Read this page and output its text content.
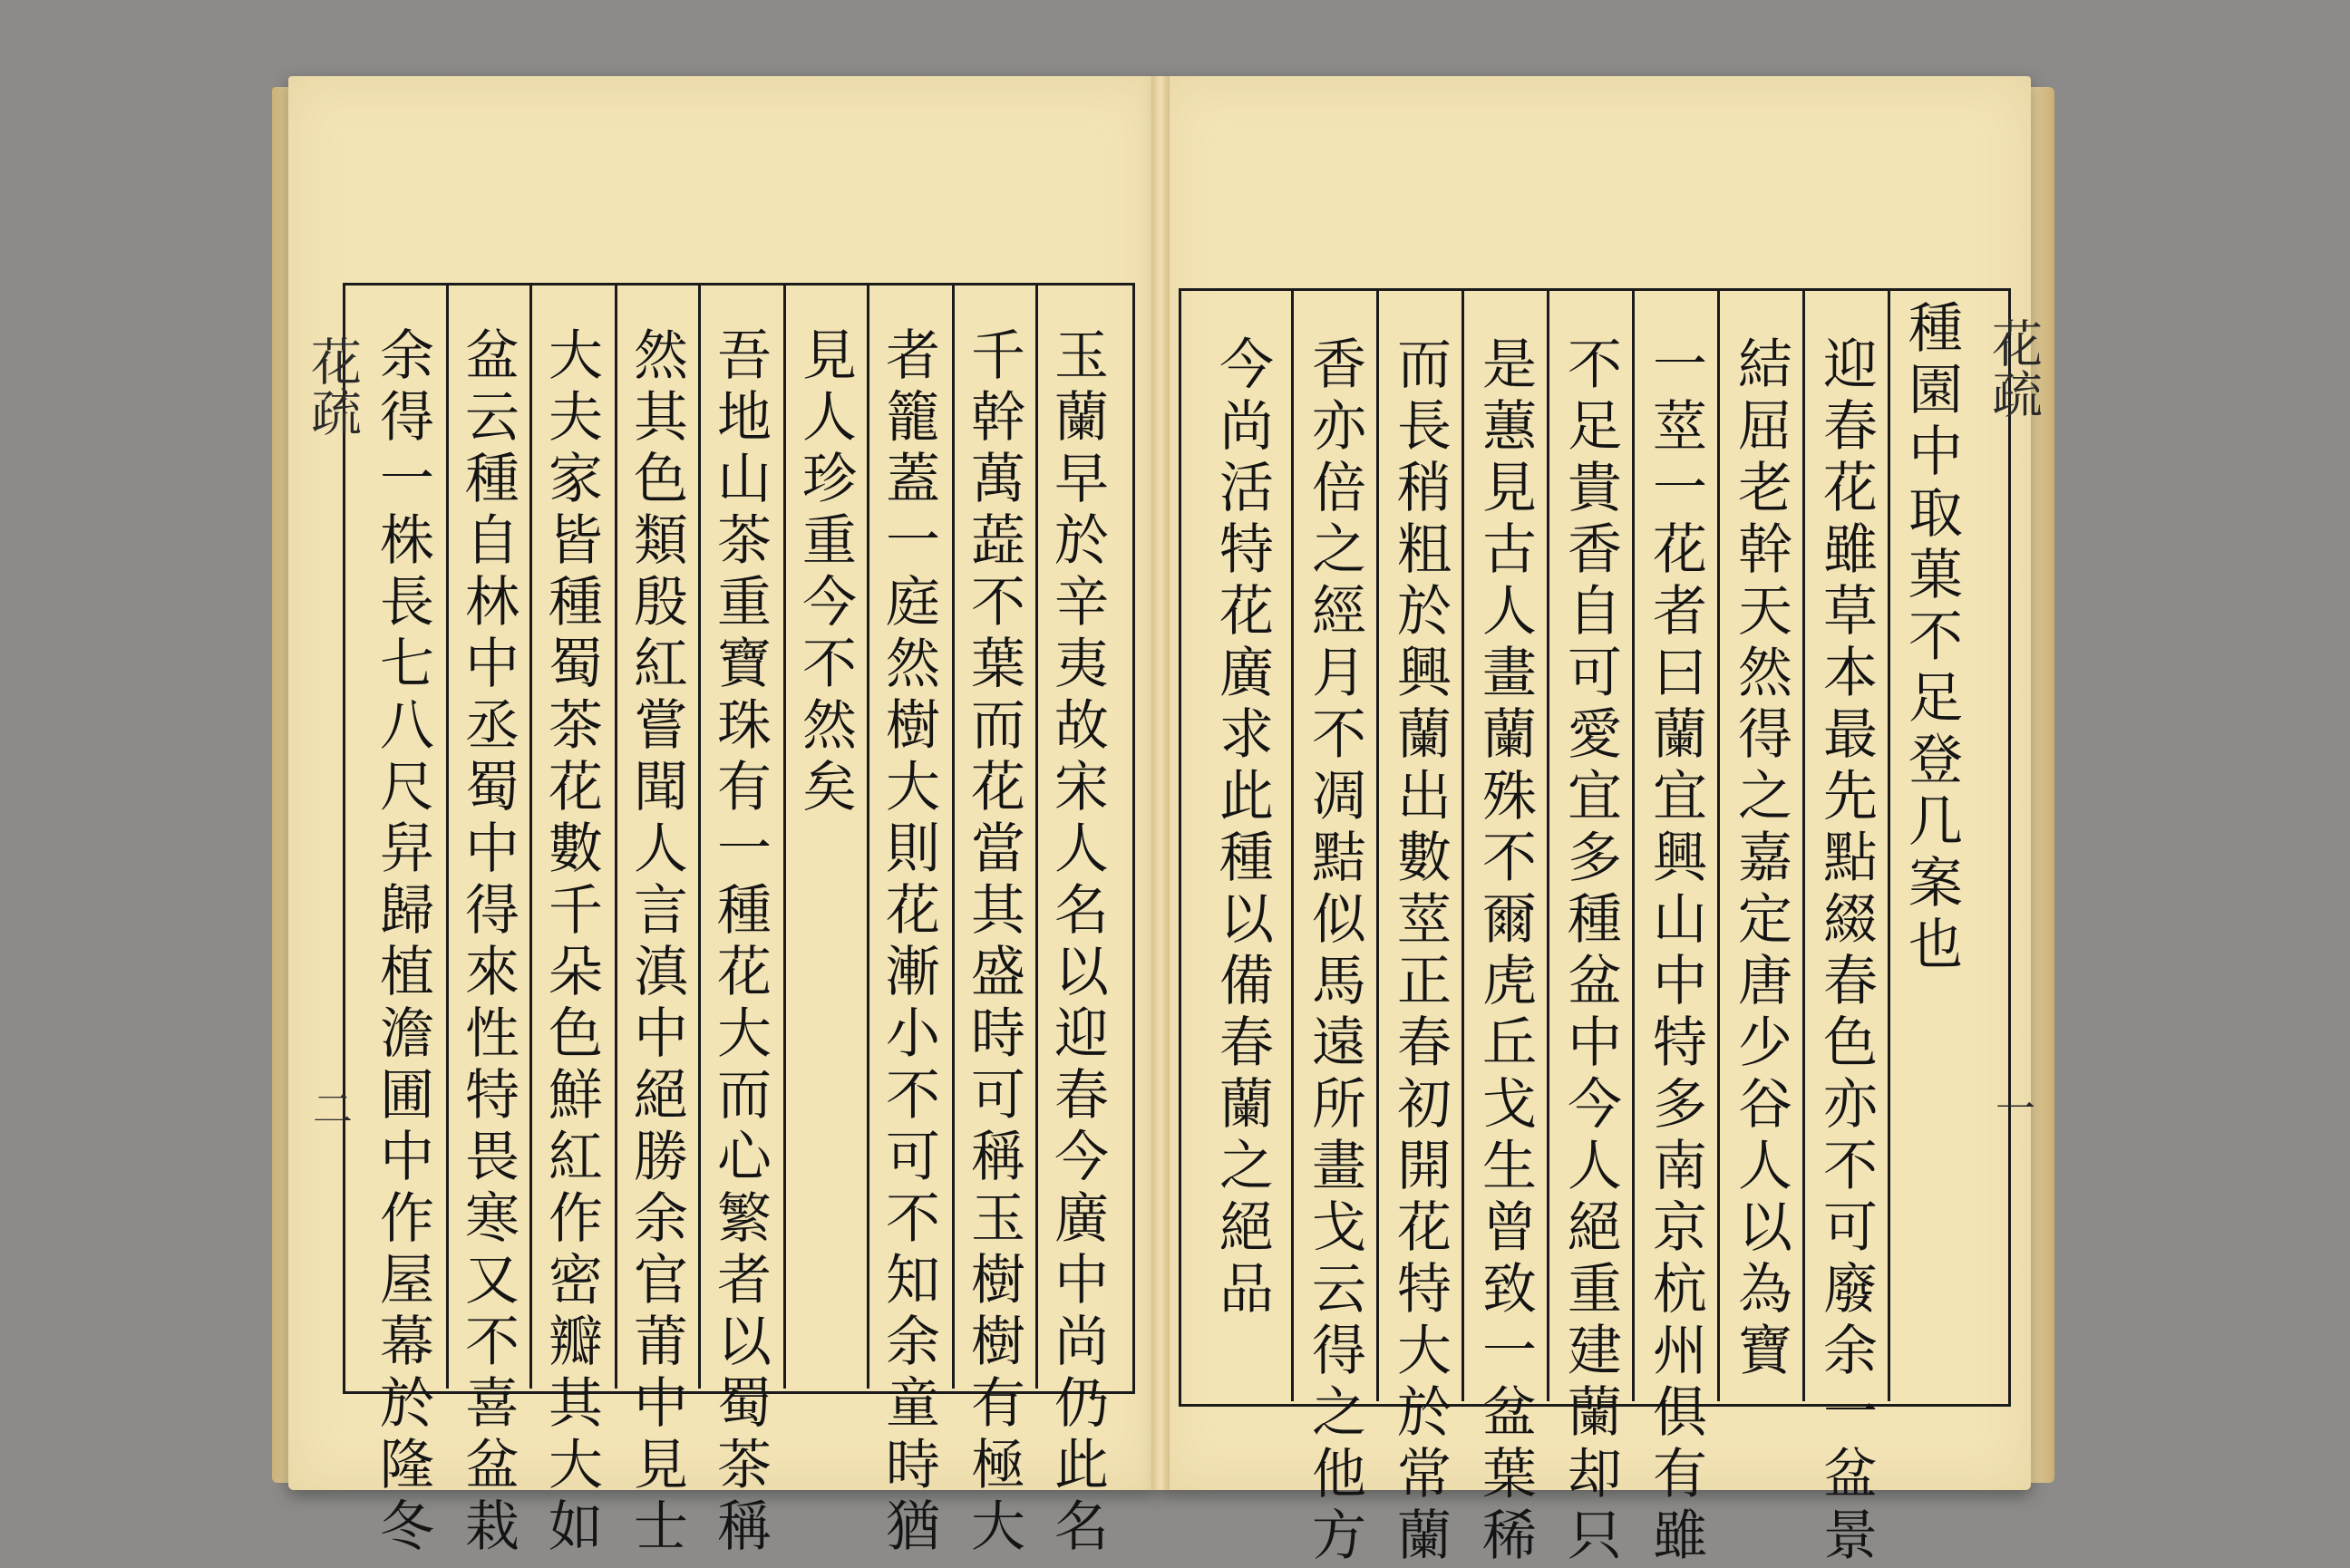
玉蘭早於辛夷故宋人名以迎春今廣中尚仍此名
千幹萬蕋不葉而花當其盛時可稱玉樹樹有極大
者籠蓋一庭然樹大則花漸小不可不知余童時猶
見人珍重今不然矣
吾地山茶重寶珠有一種花大而心繁者以蜀茶稱
然其色類殷紅嘗聞人言滇中絕勝余官莆中見士
大夫家皆種蜀茶花數千朵色鮮紅作密瓣其大如
盆云種自林中丞蜀中得來性特畏寒又不喜盆栽
余得一株長七八尺舁歸植澹圃中作屋幕於隆冬
花疏
二
種園中取菓不足登几案也
迎春花雖草本最先點綴春色亦不可廢余一盆景
結屈老幹天然得之嘉定唐少谷人以為寶
一莖一花者曰蘭宜興山中特多南京杭州俱有雖
不足貴香自可愛宜多種盆中今人絕重建蘭却只
是蕙見古人畫蘭殊不爾虎丘戈生曾致一盆葉稀
而長稍粗於興蘭出數莖正春初開花特大於常蘭
香亦倍之經月不凋黠似馬遠所畫戈云得之他方
今尚活特花廣求此種以備春蘭之絕品	花疏
一
